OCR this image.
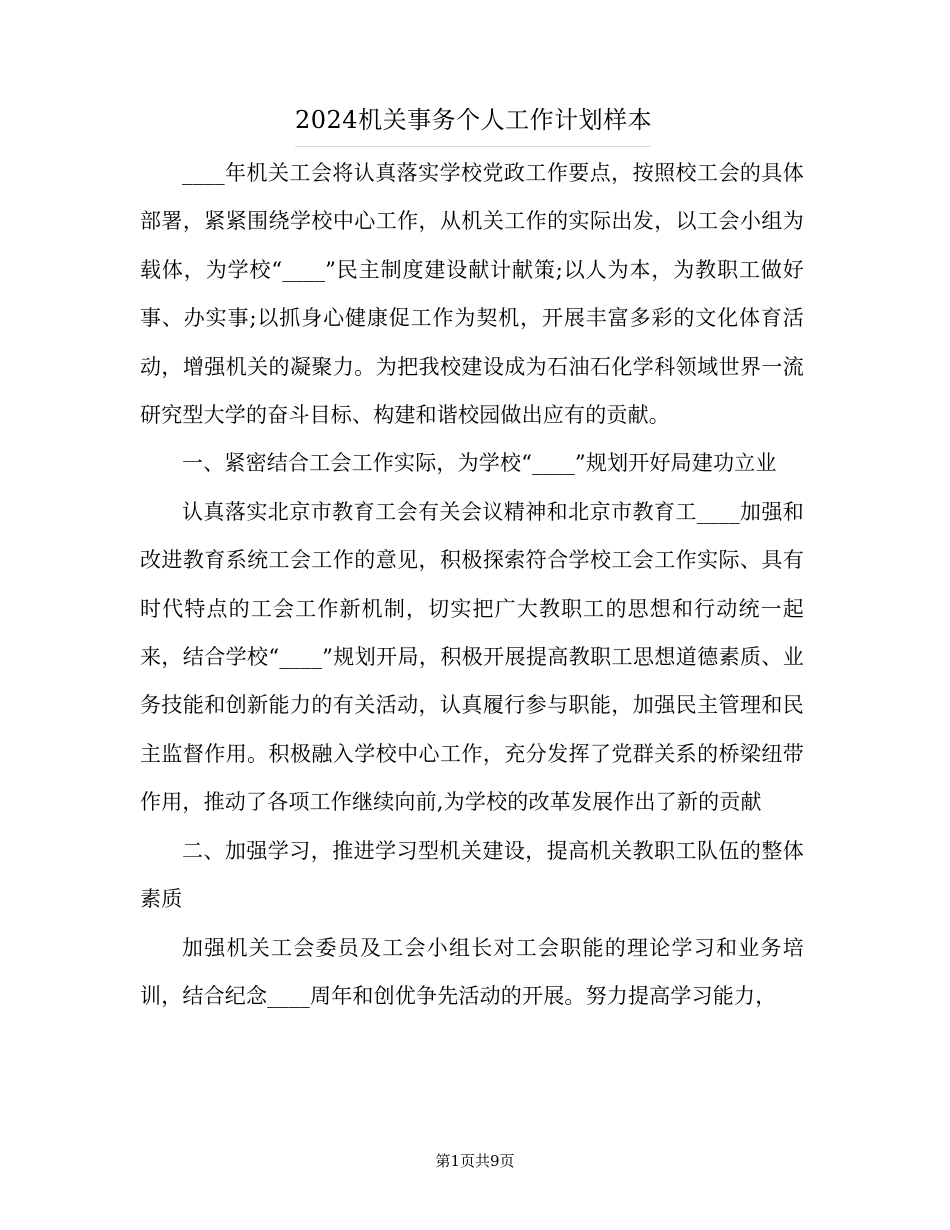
2024机关事务个人工作计划样本

____年机关工会将认真落实学校党政工作要点，按照校工会的具体部署，紧紧围绕学校中心工作，从机关工作的实际出发，以工会小组为载体，为学校“____”民主制度建设献计献策;以人为本，为教职工做好事、办实事;以抓身心健康促工作为契机，开展丰富多彩的文化体育活动，增强机关的凝聚力。为把我校建设成为石油石化学科领域世界一流研究型大学的奋斗目标、构建和谐校园做出应有的贡献。

一、紧密结合工会工作实际，为学校“____”规划开好局建功立业

认真落实北京市教育工会有关会议精神和北京市教育工____加强和改进教育系统工会工作的意见，积极探索符合学校工会工作实际、具有时代特点的工会工作新机制，切实把广大教职工的思想和行动统一起来，结合学校“____”规划开局，积极开展提高教职工思想道德素质、业务技能和创新能力的有关活动，认真履行参与职能，加强民主管理和民主监督作用。积极融入学校中心工作，充分发挥了党群关系的桥梁纽带作用，推动了各项工作继续向前,为学校的改革发展作出了新的贡献

二、加强学习，推进学习型机关建设，提高机关教职工队伍的整体素质

加强机关工会委员及工会小组长对工会职能的理论学习和业务培训，结合纪念____周年和创优争先活动的开展。努力提高学习能力，

第1页共9页
